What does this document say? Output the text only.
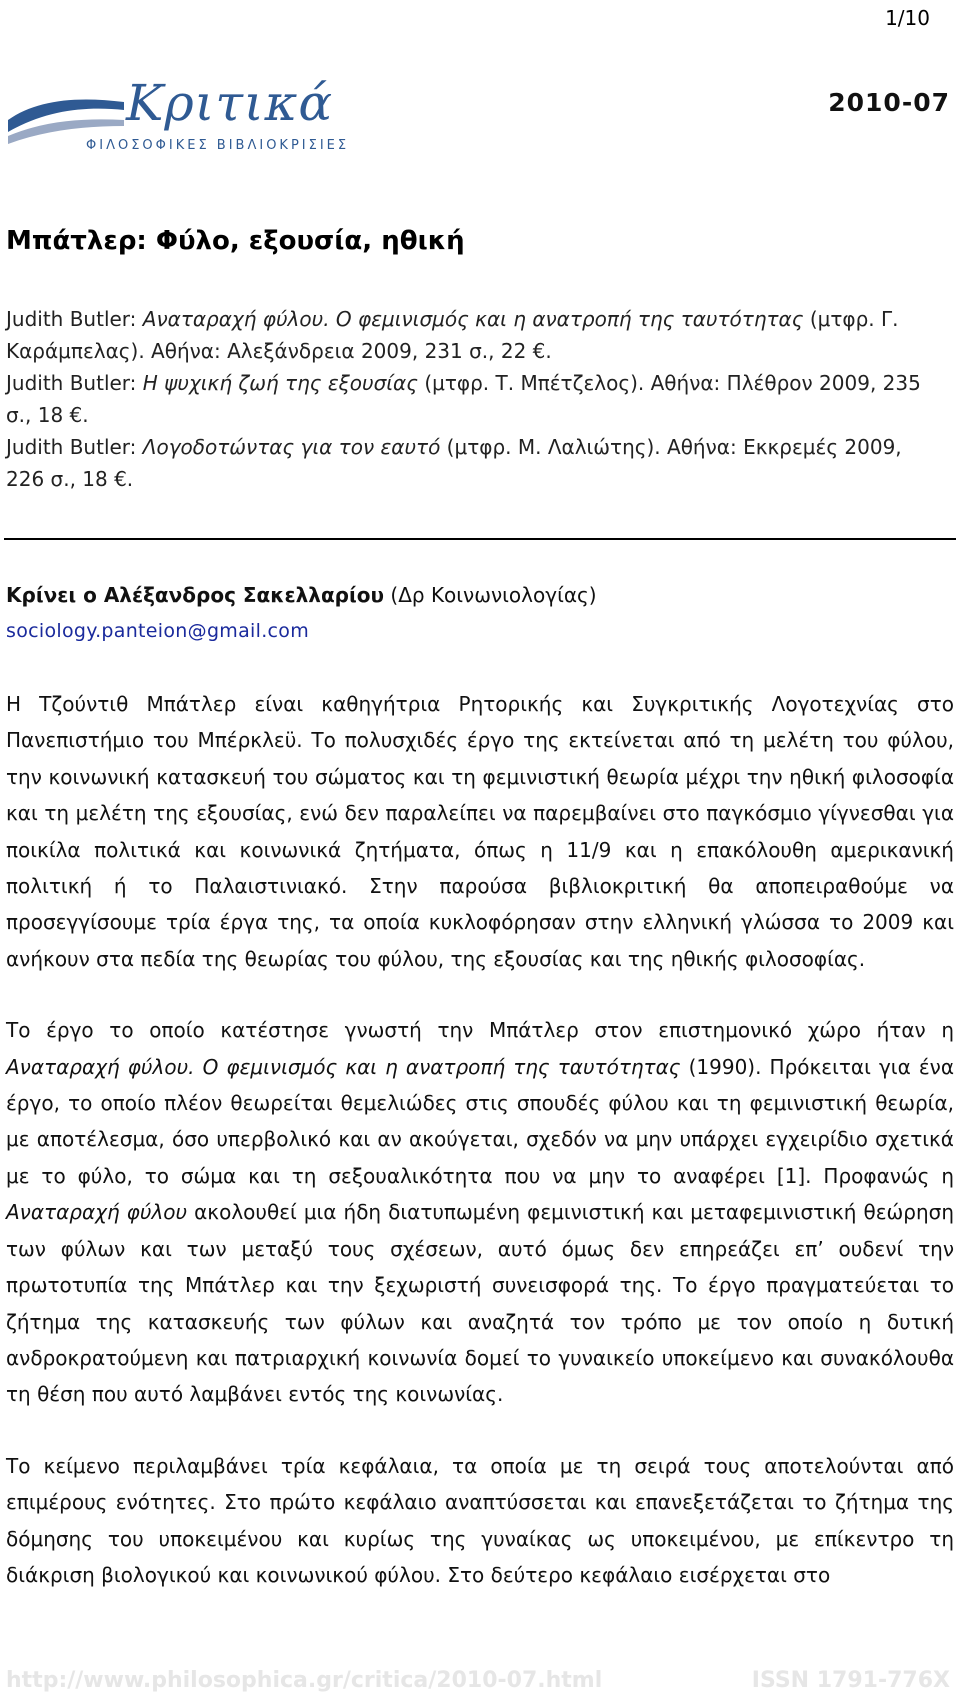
1/10
Κριτικά
ΦΙΛΟΣΟΦΙΚΕΣ ΒΙΒΛΙΟΚΡΙΣΙΕΣ
2010-07
Μπάτλερ: Φύλο, εξουσία, ηθική
Judith Butler: Αναταραχή φύλου. Ο φεμινισμός και η ανατροπή της ταυτότητας (μτφρ. Γ. Καράμπελας). Αθήνα: Αλεξάνδρεια 2009, 231 σ., 22 €.
Judith Butler: Η ψυχική ζωή της εξουσίας (μτφρ. Τ. Μπέτζελος). Αθήνα: Πλέθρον 2009, 235 σ., 18 €.
Judith Butler: Λογοδοτώντας για τον εαυτό (μτφρ. Μ. Λαλιώτης). Αθήνα: Εκκρεμές 2009, 226 σ., 18 €.
Κρίνει ο Αλέξανδρος Σακελλαρίου (Δρ Κοινωνιολογίας)
sociology.panteion@gmail.com

Η Τζούντιθ Μπάτλερ είναι καθηγήτρια Ρητορικής και Συγκριτικής Λογοτεχνίας στο Πανεπιστήμιο του Μπέρκλεϋ. Το πολυσχιδές έργο της εκτείνεται από τη μελέτη του φύλου, την κοινωνική κατασκευή του σώματος και τη φεμινιστική θεωρία μέχρι την ηθική φιλοσοφία και τη μελέτη της εξουσίας, ενώ δεν παραλείπει να παρεμβαίνει στο παγκόσμιο γίγνεσθαι για ποικίλα πολιτικά και κοινωνικά ζητήματα, όπως η 11/9 και η επακόλουθη αμερικανική πολιτική ή το Παλαιστινιακό. Στην παρούσα βιβλιοκριτική θα αποπειραθούμε να προσεγγίσουμε τρία έργα της, τα οποία κυκλοφόρησαν στην ελληνική γλώσσα το 2009 και ανήκουν στα πεδία της θεωρίας του φύλου, της εξουσίας και της ηθικής φιλοσοφίας.

Το έργο το οποίο κατέστησε γνωστή την Μπάτλερ στον επιστημονικό χώρο ήταν η Αναταραχή φύλου. Ο φεμινισμός και η ανατροπή της ταυτότητας (1990). Πρόκειται για ένα έργο, το οποίο πλέον θεωρείται θεμελιώδες στις σπουδές φύλου και τη φεμινιστική θεωρία, με αποτέλεσμα, όσο υπερβολικό και αν ακούγεται, σχεδόν να μην υπάρχει εγχειρίδιο σχετικά με το φύλο, το σώμα και τη σεξουαλικότητα που να μην το αναφέρει [1]. Προφανώς η Αναταραχή φύλου ακολουθεί μια ήδη διατυπωμένη φεμινιστική και μεταφεμινιστική θεώρηση των φύλων και των μεταξύ τους σχέσεων, αυτό όμως δεν επηρεάζει επ’ ουδενί την πρωτοτυπία της Μπάτλερ και την ξεχωριστή συνεισφορά της. Το έργο πραγματεύεται το ζήτημα της κατασκευής των φύλων και αναζητά τον τρόπο με τον οποίο η δυτική ανδροκρατούμενη και πατριαρχική κοινωνία δομεί το γυναικείο υποκείμενο και συνακόλουθα τη θέση που αυτό λαμβάνει εντός της κοινωνίας.

Το κείμενο περιλαμβάνει τρία κεφάλαια, τα οποία με τη σειρά τους αποτελούνται από επιμέρους ενότητες. Στο πρώτο κεφάλαιο αναπτύσσεται και επανεξετάζεται το ζήτημα της δόμησης του υποκειμένου και κυρίως της γυναίκας ως υποκειμένου, με επίκεντρο τη διάκριση βιολογικού και κοινωνικού φύλου. Στο δεύτερο κεφάλαιο εισέρχεται στο

http://www.philosophica.gr/critica/2010-07.html	ISSN 1791-776X
